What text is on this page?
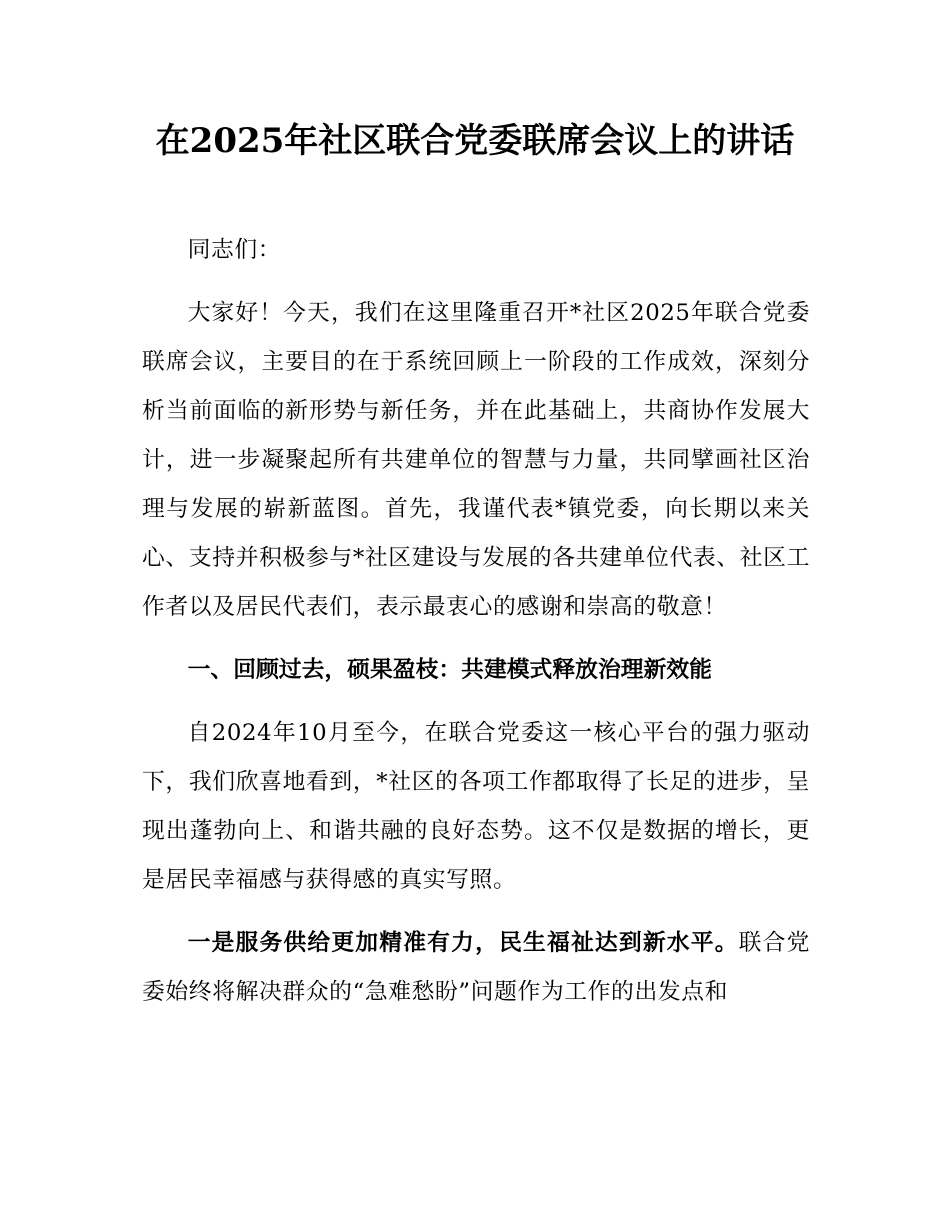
在2025年社区联合党委联席会议上的讲话

同志们：

大家好！今天，我们在这里隆重召开*社区2025年联合党委联席会议，主要目的在于系统回顾上一阶段的工作成效，深刻分析当前面临的新形势与新任务，并在此基础上，共商协作发展大计，进一步凝聚起所有共建单位的智慧与力量，共同擘画社区治理与发展的崭新蓝图。首先，我谨代表*镇党委，向长期以来关心、支持并积极参与*社区建设与发展的各共建单位代表、社区工作者以及居民代表们，表示最衷心的感谢和崇高的敬意！

一、回顾过去，硕果盈枝：共建模式释放治理新效能

自2024年10月至今，在联合党委这一核心平台的强力驱动下，我们欣喜地看到，*社区的各项工作都取得了长足的进步，呈现出蓬勃向上、和谐共融的良好态势。这不仅是数据的增长，更是居民幸福感与获得感的真实写照。

一是服务供给更加精准有力，民生福祉达到新水平。联合党委始终将解决群众的“急难愁盼”问题作为工作的出发点和
